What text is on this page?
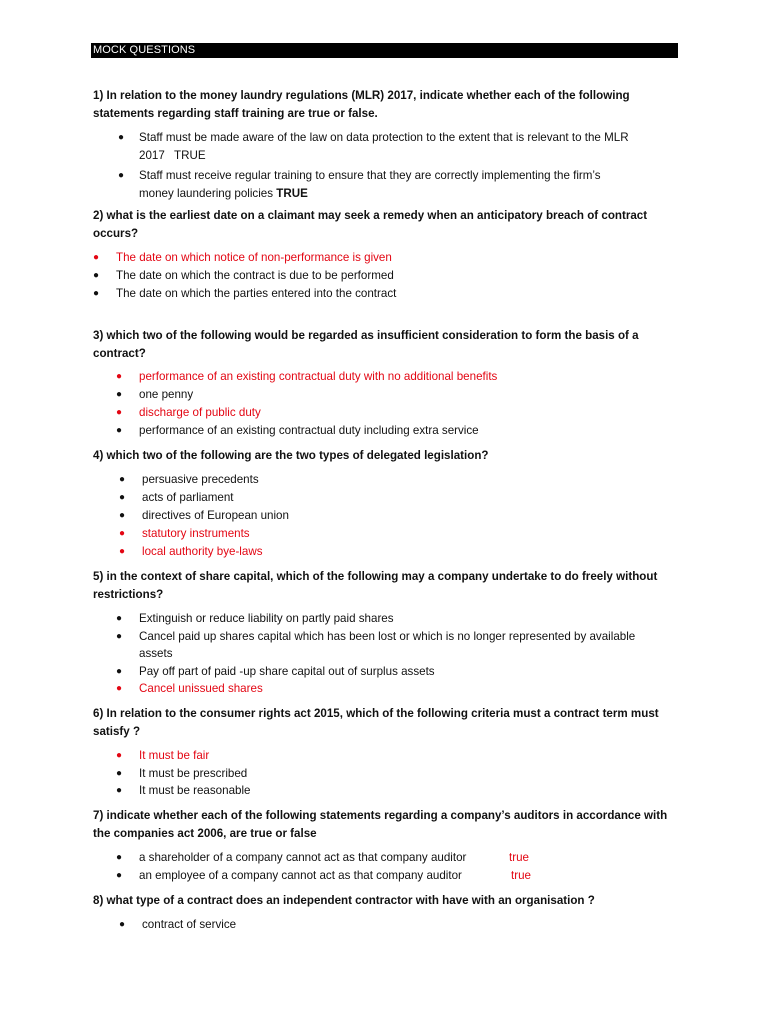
MOCK QUESTIONS
1) In relation to the money laundry regulations (MLR) 2017, indicate whether each of the following statements regarding staff training are true or false.
● Staff must be made aware of the law on data protection to the extent that is relevant to the MLR
2017 TRUE
● Staff must receive regular training to ensure that they are correctly implementing the firm’s
money laundering policies TRUE
2) what is the earliest date on a claimant may seek a remedy when an anticipatory breach of contract occurs?
● The date on which notice of non-performance is given
● The date on which the contract is due to be performed
● The date on which the parties entered into the contract
3) which two of the following would be regarded as insufficient consideration to form the basis of a contract?
● performance of an existing contractual duty with no additional benefits
● one penny
● discharge of public duty
● performance of an existing contractual duty including extra service
4) which two of the following are the two types of delegated legislation?
● persuasive precedents
● acts of parliament
● directives of European union
● statutory instruments
● local authority bye-laws
5) in the context of share capital, which of the following may a company undertake to do freely without restrictions?
● Extinguish or reduce liability on partly paid shares
● Cancel paid up shares capital which has been lost or which is no longer represented by available
assets
● Pay off part of paid -up share capital out of surplus assets
● Cancel unissued shares
6) In relation to the consumer rights act 2015, which of the following criteria must a contract term must satisfy ?
● It must be fair
● It must be prescribed
● It must be reasonable
7) indicate whether each of the following statements regarding a company’s auditors in accordance with the companies act 2006, are true or false
● a shareholder of a company cannot act as that company auditor	true
● an employee of a company cannot act as that company auditor	true
8) what type of a contract does an independent contractor with have with an organisation ?
● contract of service
